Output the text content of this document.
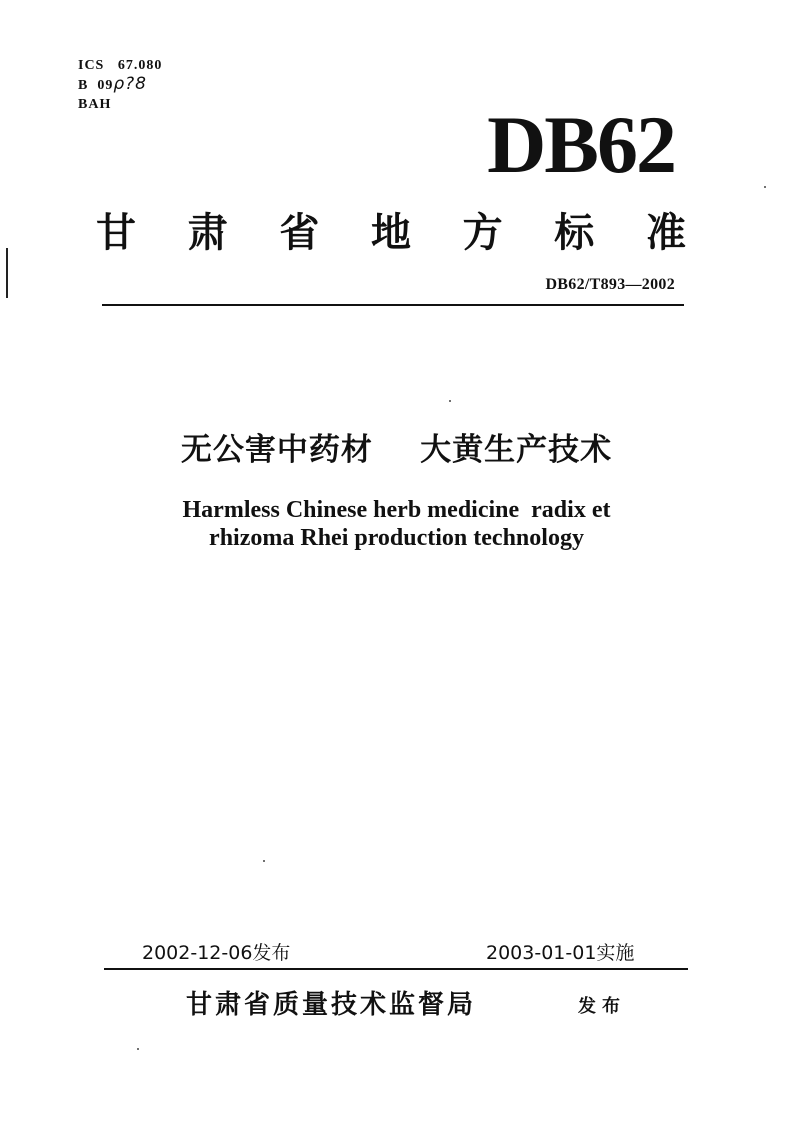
ICS   67.080
B  09ρ?8
BAH	DB62
甘 肃 省 地 方 标 准
DB62/T893—2002
无公害中药材    大黄生产技术
Harmless Chinese herb medicine  radix et
rhizoma Rhei production technology
2002-12-06发布	2003-01-01实施
甘肃省质量技术监督局	发布
